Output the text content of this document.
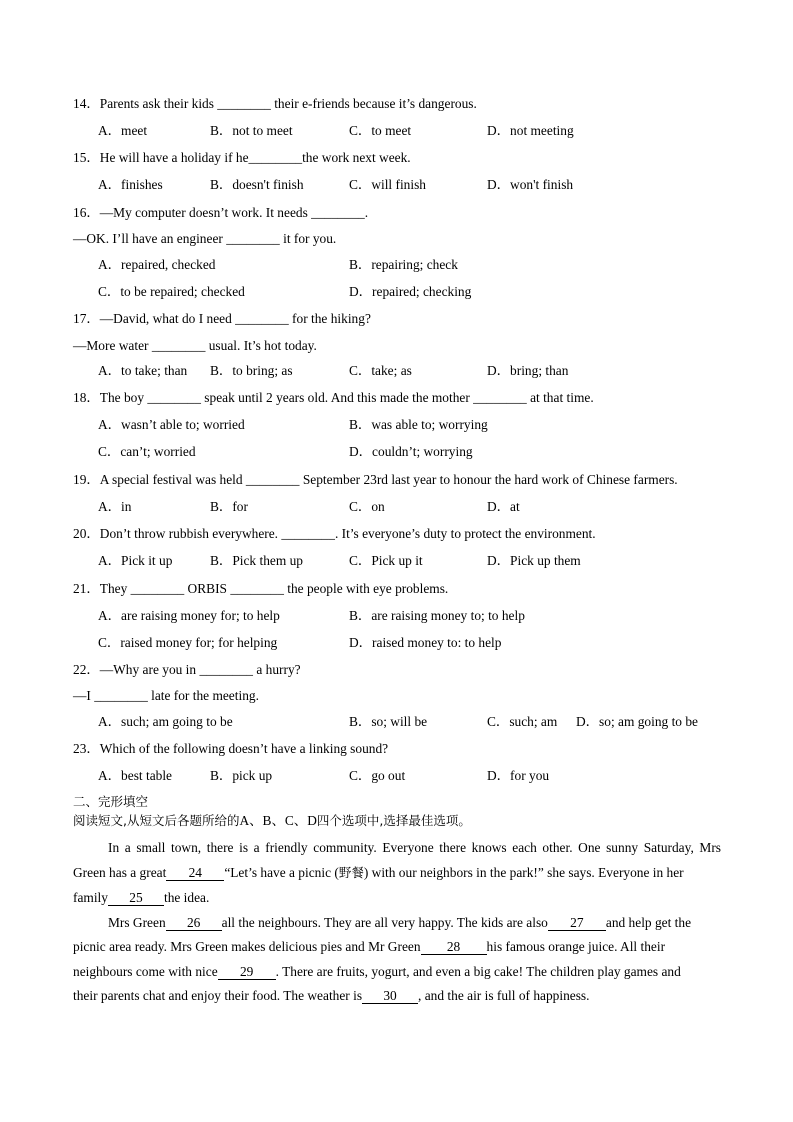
14．Parents ask their kids ________ their e-friends because it’s dangerous.
A．meet	B．not to meet	C．to meet	D．not meeting
15．He will have a holiday if he________the work next week.
A．finishes	B．doesn't finish	C．will finish	D．won't finish
16．—My computer doesn’t work. It needs ________.
—OK. I’ll have an engineer ________ it for you.
A．repaired, checked	B．repairing; check
C．to be repaired; checked	D．repaired; checking
17．—David, what do I need ________ for the hiking?
—More water ________ usual. It’s hot today.
A．to take; than B．to bring; as	C．take; as	D．bring; than
18．The boy ________ speak until 2 years old. And this made the mother ________ at that time.
A．wasn’t able to; worried	B．was able to; worrying
C．can’t; worried	D．couldn’t; worrying
19．A special festival was held ________ September 23rd last year to honour the hard work of Chinese farmers.
A．in	B．for	C．on	D．at
20．Don’t throw rubbish everywhere. ________. It’s everyone’s duty to protect the environment.
A．Pick it up	B．Pick them up	C．Pick up it	D．Pick up them
21．They ________ ORBIS ________ the people with eye problems.
A．are raising money for; to help	B．are raising money to; to help
C．raised money for; for helping	D．raised money to: to help
22．—Why are you in ________ a hurry?
—I ________ late for the meeting.
A．such; am going to be	B．so; will be	C．such; am D．so; am going to be
23．Which of the following doesn’t have a linking sound?
A．best table	B．pick up	C．go out	D．for you
二、完形填空
阅读短文,从短文后各题所给的A、B、C、D四个选项中,选择最佳选项。
In a small town, there is a friendly community. Everyone there knows each other. One sunny Saturday, Mrs
Green has a great 24 “Let’s have a picnic (野餐) with our neighbors in the park!” she says. Everyone in her
family 25 the idea.
Mrs Green 26 all the neighbours. They are all very happy. The kids are also 27 and help get the
picnic area ready. Mrs Green makes delicious pies and Mr Green 28 his famous orange juice. All their
neighbours come with nice 29 . There are fruits, yogurt, and even a big cake! The children play games and
their parents chat and enjoy their food. The weather is 30 , and the air is full of happiness.
